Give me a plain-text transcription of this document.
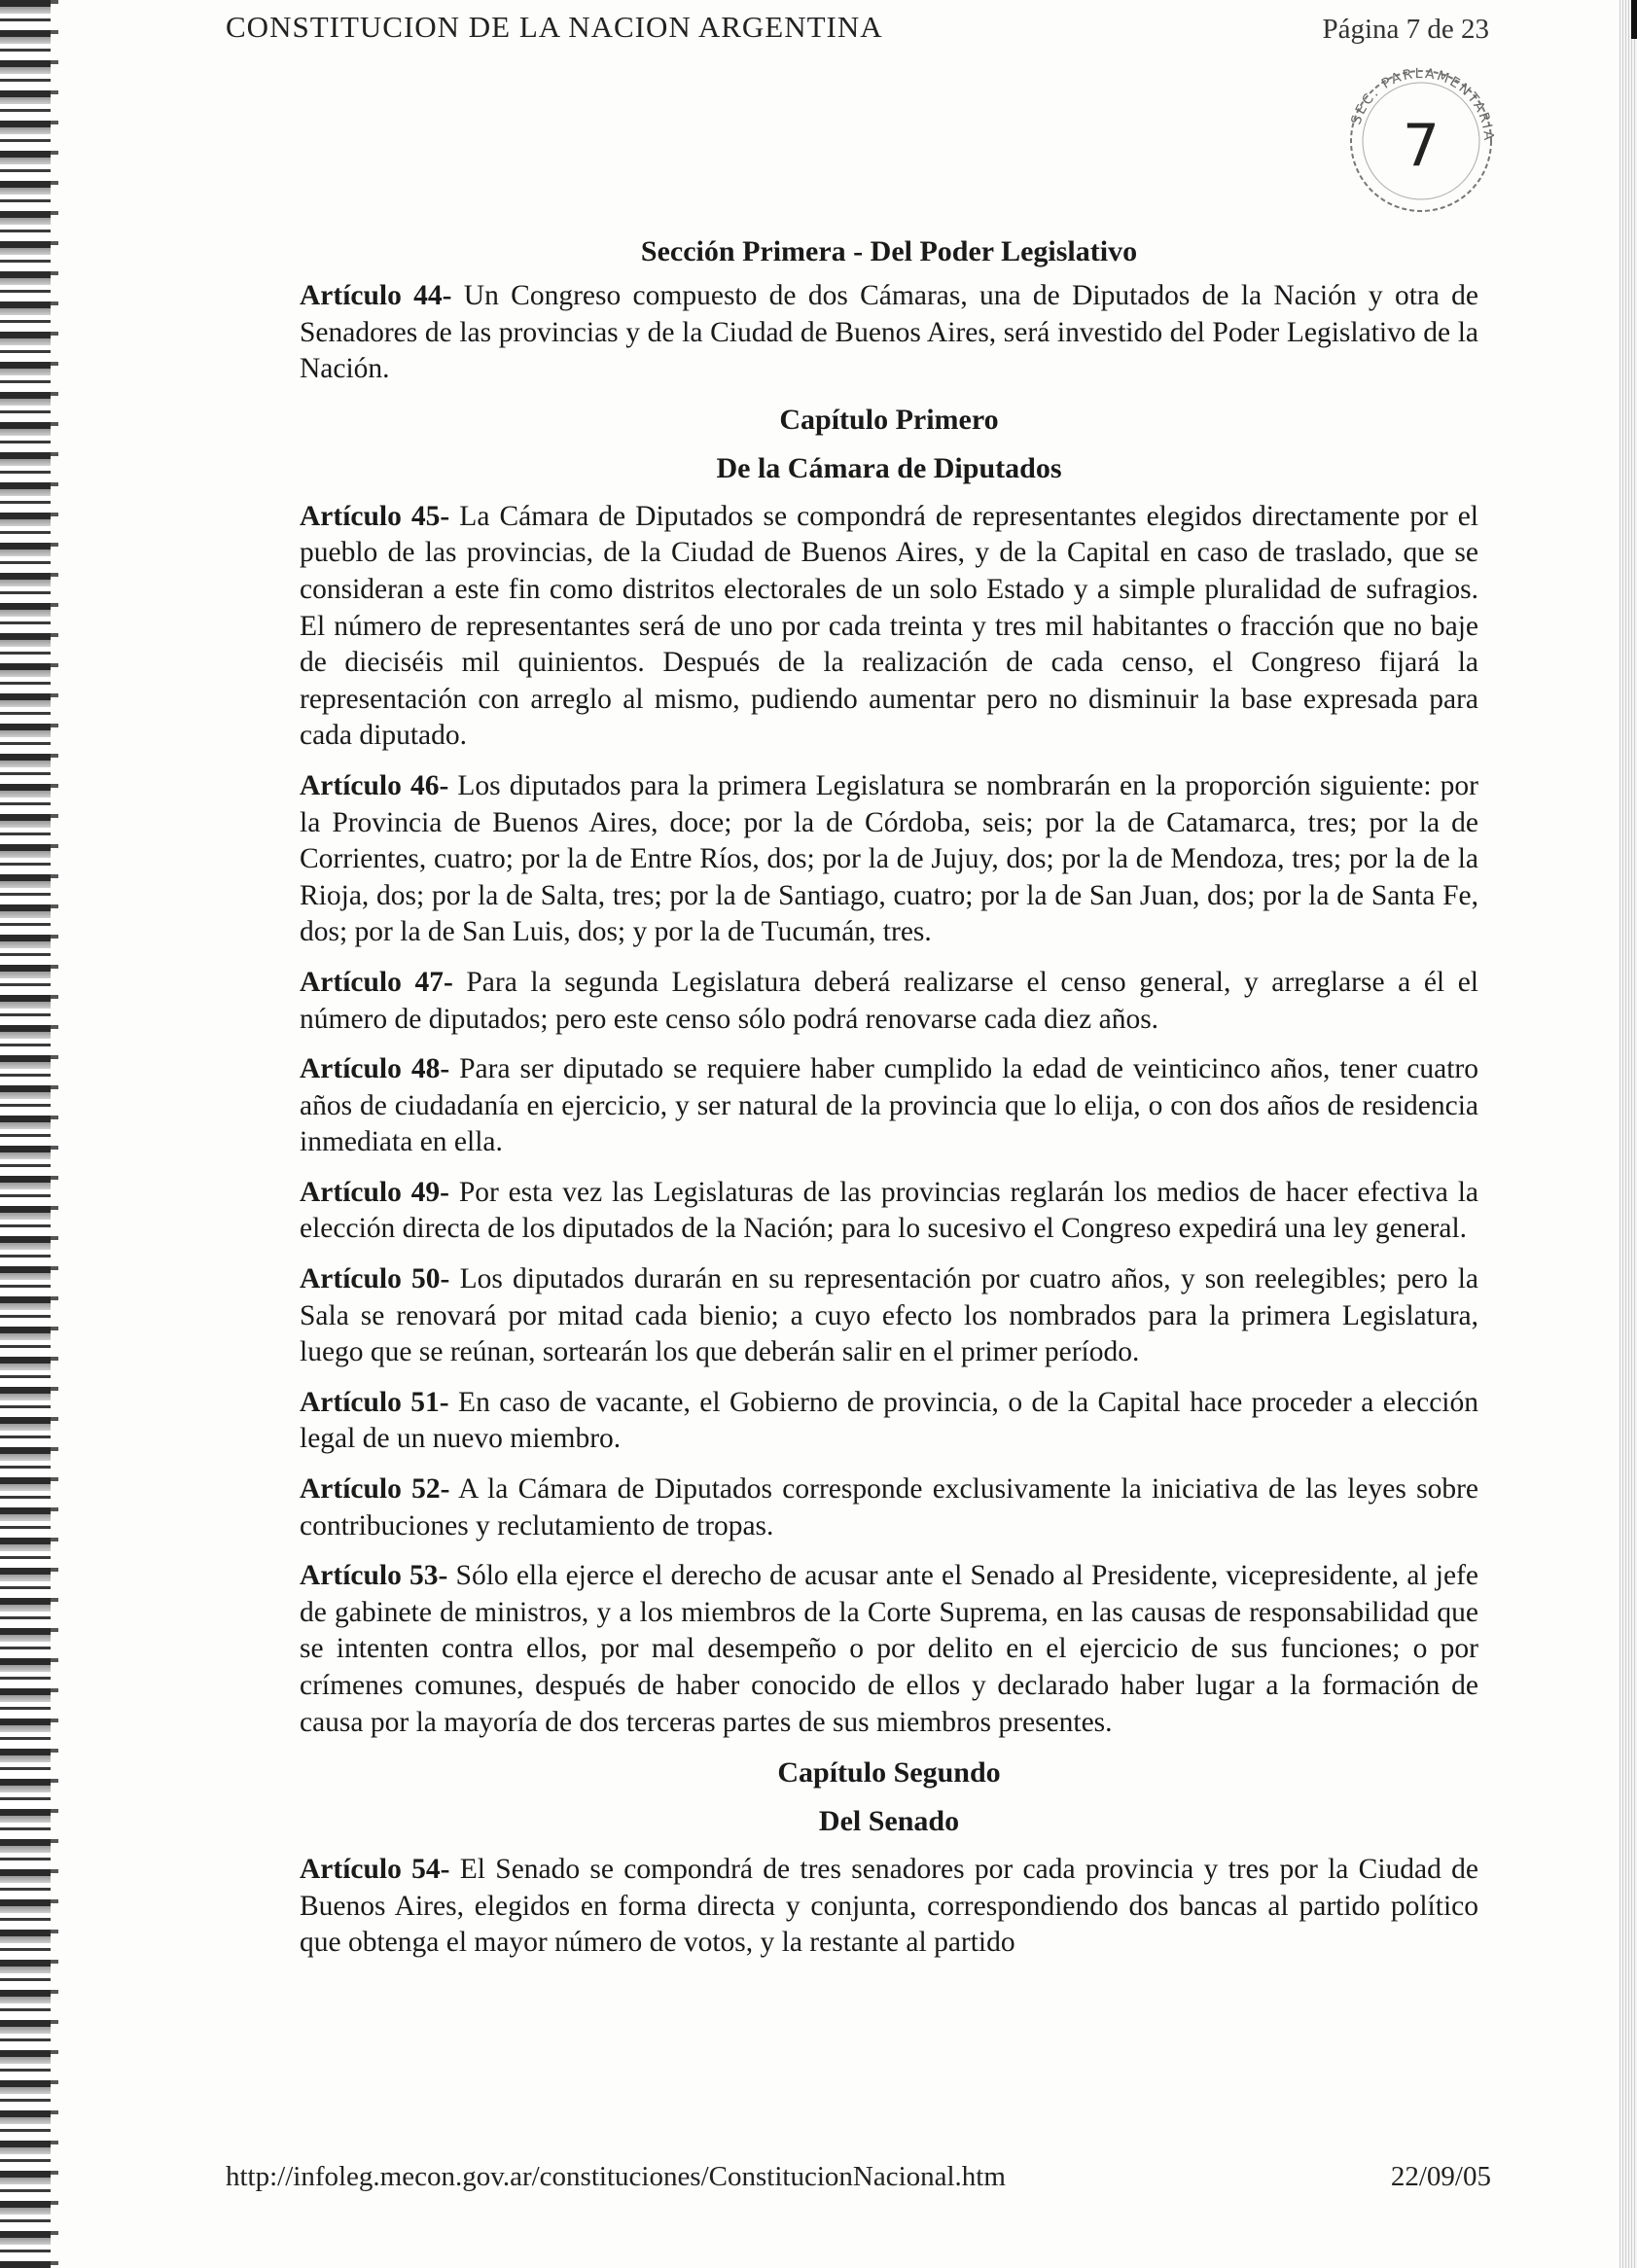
CONSTITUCION DE LA NACION ARGENTINA	Página 7 de 23
SEC. PARLAMENTARIA
7
Sección Primera - Del Poder Legislativo

Artículo 44- Un Congreso compuesto de dos Cámaras, una de Diputados de la Nación y otra de Senadores de las provincias y de la Ciudad de Buenos Aires, será investido del Poder Legislativo de la Nación.

Capítulo Primero
De la Cámara de Diputados

Artículo 45- La Cámara de Diputados se compondrá de representantes elegidos directamente por el pueblo de las provincias, de la Ciudad de Buenos Aires, y de la Capital en caso de traslado, que se consideran a este fin como distritos electorales de un solo Estado y a simple pluralidad de sufragios. El número de representantes será de uno por cada treinta y tres mil habitantes o fracción que no baje de dieciséis mil quinientos. Después de la realización de cada censo, el Congreso fijará la representación con arreglo al mismo, pudiendo aumentar pero no disminuir la base expresada para cada diputado.

Artículo 46- Los diputados para la primera Legislatura se nombrarán en la proporción siguiente: por la Provincia de Buenos Aires, doce; por la de Córdoba, seis; por la de Catamarca, tres; por la de Corrientes, cuatro; por la de Entre Ríos, dos; por la de Jujuy, dos; por la de Mendoza, tres; por la de la Rioja, dos; por la de Salta, tres; por la de Santiago, cuatro; por la de San Juan, dos; por la de Santa Fe, dos; por la de San Luis, dos; y por la de Tucumán, tres.

Artículo 47- Para la segunda Legislatura deberá realizarse el censo general, y arreglarse a él el número de diputados; pero este censo sólo podrá renovarse cada diez años.

Artículo 48- Para ser diputado se requiere haber cumplido la edad de veinticinco años, tener cuatro años de ciudadanía en ejercicio, y ser natural de la provincia que lo elija, o con dos años de residencia inmediata en ella.

Artículo 49- Por esta vez las Legislaturas de las provincias reglarán los medios de hacer efectiva la elección directa de los diputados de la Nación; para lo sucesivo el Congreso expedirá una ley general.

Artículo 50- Los diputados durarán en su representación por cuatro años, y son reelegibles; pero la Sala se renovará por mitad cada bienio; a cuyo efecto los nombrados para la primera Legislatura, luego que se reúnan, sortearán los que deberán salir en el primer período.

Artículo 51- En caso de vacante, el Gobierno de provincia, o de la Capital hace proceder a elección legal de un nuevo miembro.

Artículo 52- A la Cámara de Diputados corresponde exclusivamente la iniciativa de las leyes sobre contribuciones y reclutamiento de tropas.

Artículo 53- Sólo ella ejerce el derecho de acusar ante el Senado al Presidente, vicepresidente, al jefe de gabinete de ministros, y a los miembros de la Corte Suprema, en las causas de responsabilidad que se intenten contra ellos, por mal desempeño o por delito en el ejercicio de sus funciones; o por crímenes comunes, después de haber conocido de ellos y declarado haber lugar a la formación de causa por la mayoría de dos terceras partes de sus miembros presentes.

Capítulo Segundo
Del Senado

Artículo 54- El Senado se compondrá de tres senadores por cada provincia y tres por la Ciudad de Buenos Aires, elegidos en forma directa y conjunta, correspondiendo dos bancas al partido político que obtenga el mayor número de votos, y la restante al partido

http://infoleg.mecon.gov.ar/constituciones/ConstitucionNacional.htm	22/09/05
